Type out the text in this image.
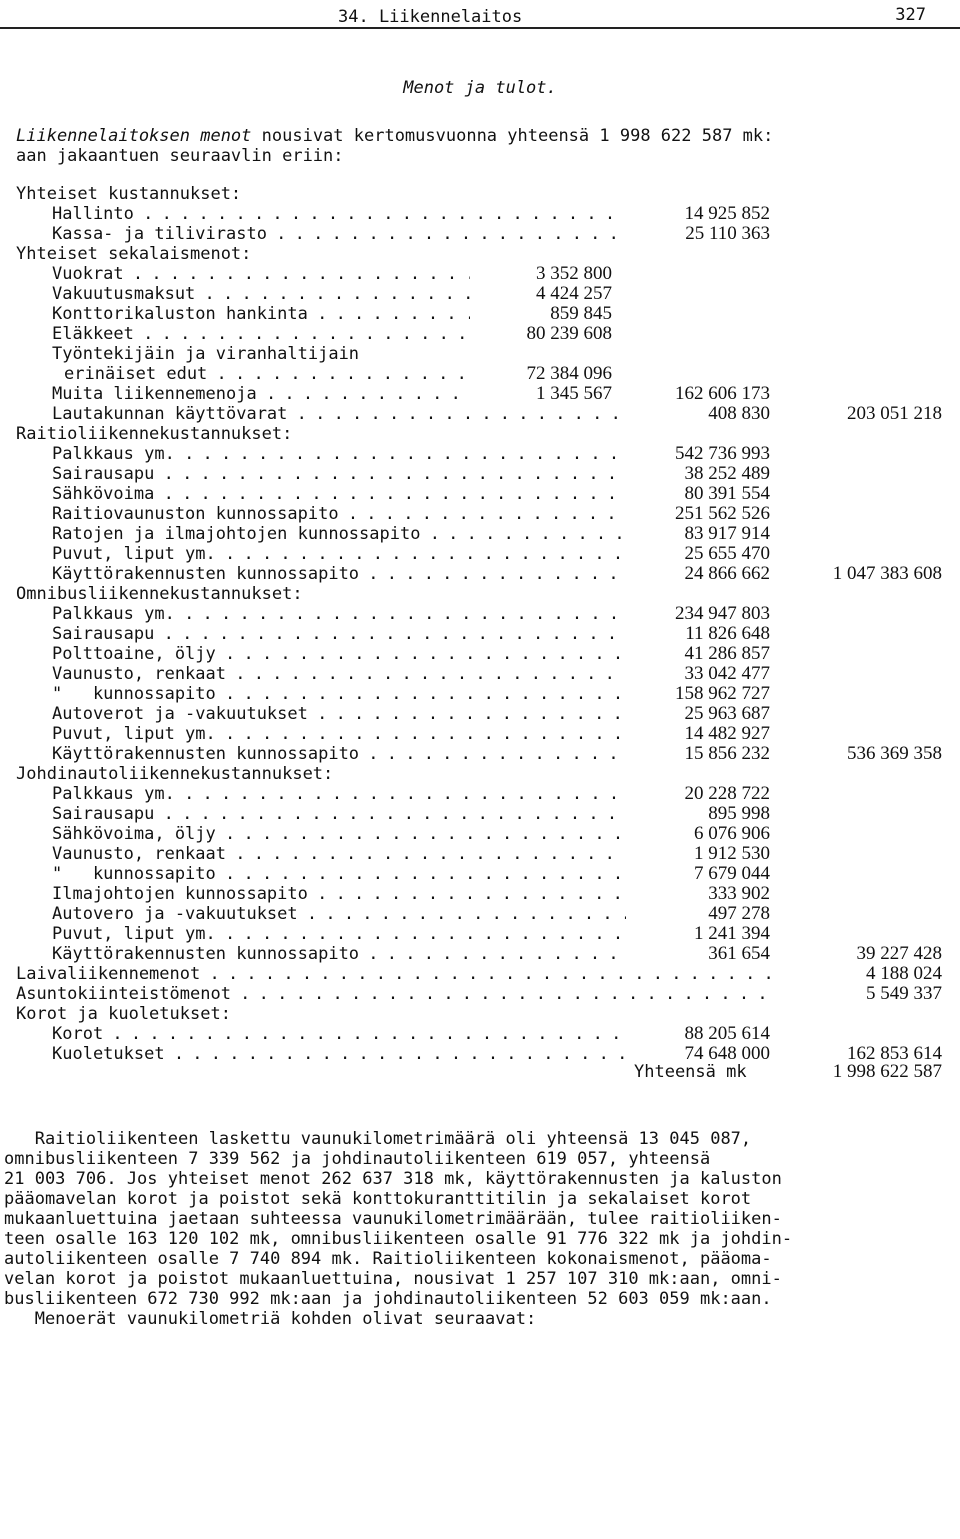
34. Liikennelaitos	327
Menot ja tulot.
Liikennelaitoksen menot nousivat kertomusvuonna yhteensä 1 998 622 587 mk:
aan jakaantuen seuraavlin eriin:
Yhteiset kustannukset:
Hallinto . . .	14 925 852
Kassa- ja tilivirasto . . .	25 110 363
Yhteiset sekalaismenot:
Vuokrat . . .	3 352 800
Vakuutusmaksut . . .	4 424 257
Konttorikaluston hankinta . . .	859 845
Eläkkeet . . .	80 239 608
Työntekijäin ja viranhaltijain
erinäiset edut . . .	72 384 096
Muita liikennemenoja . . .	1 345 567	162 606 173
Lautakunnan käyttövarat . . .	408 830	203 051 218
Raitioliikennekustannukset:
Palkkaus ym. . . .	542 736 993
Sairausapu . . .	38 252 489
Sähkövoima . . .	80 391 554
Raitiovaunuston kunnossapito . . .	251 562 526
Ratojen ja ilmajohtojen kunnossapito . . .	83 917 914
Puvut, liput ym. . . .	25 655 470
Käyttörakennusten kunnossapito . . .	24 866 662	1 047 383 608
Omnibusliikennekustannukset:
Palkkaus ym. . . .	234 947 803
Sairausapu . . .	11 826 648
Polttoaine, öljy . . .	41 286 857
Vaunusto, renkaat . . .	33 042 477
"   kunnossapito . . .	158 962 727
Autoverot ja -vakuutukset . . .	25 963 687
Puvut, liput ym. . . .	14 482 927
Käyttörakennusten kunnossapito . . .	15 856 232	536 369 358
Johdinautoliikennekustannukset:
Palkkaus ym. . . .	20 228 722
Sairausapu . . .	895 998
Sähkövoima, öljy . . .	6 076 906
Vaunusto, renkaat . . .	1 912 530
"   kunnossapito . . .	7 679 044
Ilmajohtojen kunnossapito . . .	333 902
Autovero ja -vakuutukset . . .	497 278
Puvut, liput ym. . . .	1 241 394
Käyttörakennusten kunnossapito . . .	361 654	39 227 428
Laivaliikennemenot . . .	4 188 024
Asuntokiinteistömenot . . .	5 549 337
Korot ja kuoletukset:
Korot . . .	88 205 614
Kuoletukset . . .	74 648 000	162 853 614
Yhteensä mk	1 998 622 587
Raitioliikenteen laskettu vaunukilometrimäärä oli yhteensä 13 045 087,
omnibusliikenteen 7 339 562 ja johdinautoliikenteen 619 057, yhteensä
21 003 706. Jos yhteiset menot 262 637 318 mk, käyttörakennusten ja kaluston
pääomavelan korot ja poistot sekä konttokuranttitilin ja sekalaiset korot
mukaanluettuina jaetaan suhteessa vaunukilometrimäärään, tulee raitioliiken-
teen osalle 163 120 102 mk, omnibusliikenteen osalle 91 776 322 mk ja johdin-
autoliikenteen osalle 7 740 894 mk. Raitioliikenteen kokonaismenot, pääoma-
velan korot ja poistot mukaanluettuina, nousivat 1 257 107 310 mk:aan, omni-
busliikenteen 672 730 992 mk:aan ja johdinautoliikenteen 52 603 059 mk:aan.
Menoerät vaunukilometriä kohden olivat seuraavat:
